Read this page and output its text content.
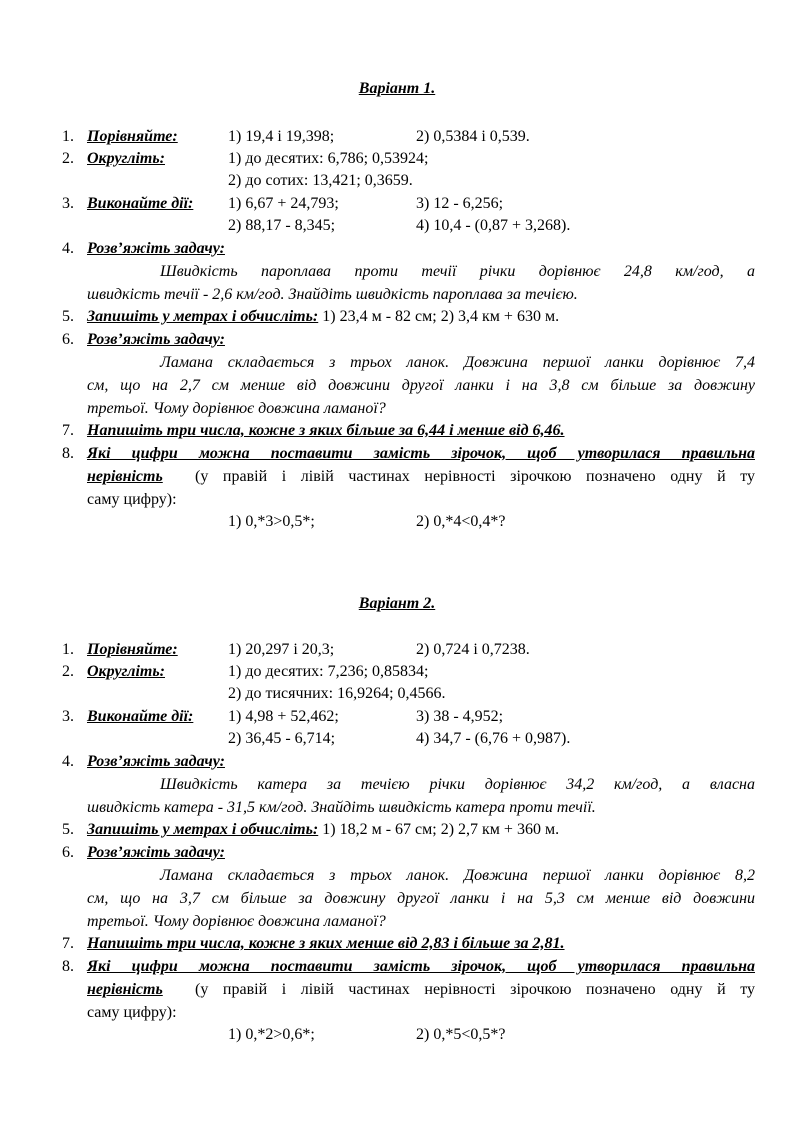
Варіант 1.
1. Порівняйте:	1) 19,4 і 19,398;	2) 0,5384 і 0,539.
2. Округліть:	1) до десятих: 6,786; 0,53924;
2) до сотих: 13,421; 0,3659.
3. Виконайте дії: 1) 6,67 + 24,793;	3) 12 - 6,256;
2) 88,17 - 8,345;	4) 10,4 - (0,87 + 3,268).
4. Розв’яжіть задачу:
Швидкість пароплава проти течії річки дорівнює 24,8 км/год, а
швидкість течії - 2,6 км/год. Знайдіть швидкість пароплава за течією.
5. Запишіть у метрах і обчисліть: 1) 23,4 м - 82 см; 2) 3,4 км + 630 м.
6. Розв’яжіть задачу:
Ламана складається з трьох ланок. Довжина першої ланки дорівнює 7,4
см, що на 2,7 см менше від довжини другої ланки і на 3,8 см більше за довжину
третьої. Чому дорівнює довжина ламаної?
7. Напишіть три числа, кожне з яких більше за 6,44 і менше від 6,46.
8. Які цифри можна поставити замість зірочок, щоб утворилася правильна
нерівність (у правій і лівій частинах нерівності зірочкою позначено одну й ту
саму цифру):
1) 0,*3>0,5*;	2) 0,*4<0,4*?
Варіант 2.
1. Порівняйте:	1) 20,297 і 20,3;	2) 0,724 і 0,7238.
2. Округліть:	1) до десятих: 7,236; 0,85834;
2) до тисячних: 16,9264; 0,4566.
3. Виконайте дії: 1) 4,98 + 52,462;	3) 38 - 4,952;
2) 36,45 - 6,714;	4) 34,7 - (6,76 + 0,987).
4. Розв’яжіть задачу:
Швидкість катера за течією річки дорівнює 34,2 км/год, а власна
швидкість катера - 31,5 км/год. Знайдіть швидкість катера проти течії.
5. Запишіть у метрах і обчисліть: 1) 18,2 м - 67 см; 2) 2,7 км + 360 м.
6. Розв’яжіть задачу:
Ламана складається з трьох ланок. Довжина першої ланки дорівнює 8,2
см, що на 3,7 см більше за довжину другої ланки і на 5,3 см менше від довжини
третьої. Чому дорівнює довжина ламаної?
7. Напишіть три числа, кожне з яких менше від 2,83 і більше за 2,81.
8. Які цифри можна поставити замість зірочок, щоб утворилася правильна
нерівність (у правій і лівій частинах нерівності зірочкою позначено одну й ту
саму цифру):
1) 0,*2>0,6*;	2) 0,*5<0,5*?
